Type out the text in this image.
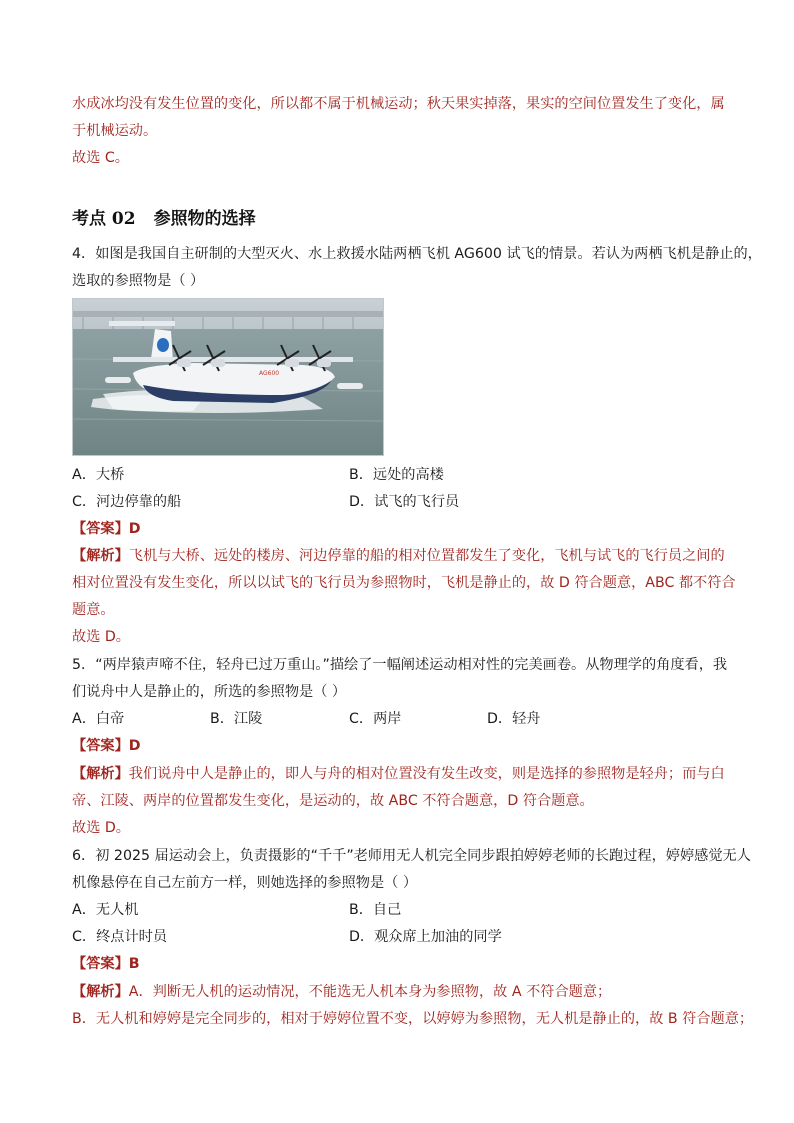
水成冰均没有发生位置的变化，所以都不属于机械运动；秋天果实掉落，果实的空间位置发生了变化，属
于机械运动。
故选 C。
考点 02 参照物的选择
4．如图是我国自主研制的大型灭火、水上救援水陆两栖飞机 AG600 试飞的情景。若认为两栖飞机是静止的，
选取的参照物是（ ）
AG600
A．大桥	B．远处的高楼
C．河边停靠的船	D．试飞的飞行员
【答案】D
【解析】飞机与大桥、远处的楼房、河边停靠的船的相对位置都发生了变化，飞机与试飞的飞行员之间的
相对位置没有发生变化，所以以试飞的飞行员为参照物时，飞机是静止的，故 D 符合题意，ABC 都不符合
题意。
故选 D。
5．“两岸猿声啼不住，轻舟已过万重山。”描绘了一幅阐述运动相对性的完美画卷。从物理学的角度看，我
们说舟中人是静止的，所选的参照物是（ ）
A．白帝	B．江陵	C．两岸	D．轻舟
【答案】D
【解析】我们说舟中人是静止的，即人与舟的相对位置没有发生改变，则是选择的参照物是轻舟；而与白
帝、江陵、两岸的位置都发生变化，是运动的，故 ABC 不符合题意，D 符合题意。
故选 D。
6．初 2025 届运动会上，负责摄影的“千千”老师用无人机完全同步跟拍婷婷老师的长跑过程，婷婷感觉无人
机像悬停在自己左前方一样，则她选择的参照物是（ ）
A．无人机	B．自己
C．终点计时员	D．观众席上加油的同学
【答案】B
【解析】A．判断无人机的运动情况，不能选无人机本身为参照物，故 A 不符合题意；
B．无人机和婷婷是完全同步的，相对于婷婷位置不变，以婷婷为参照物，无人机是静止的，故 B 符合题意；
